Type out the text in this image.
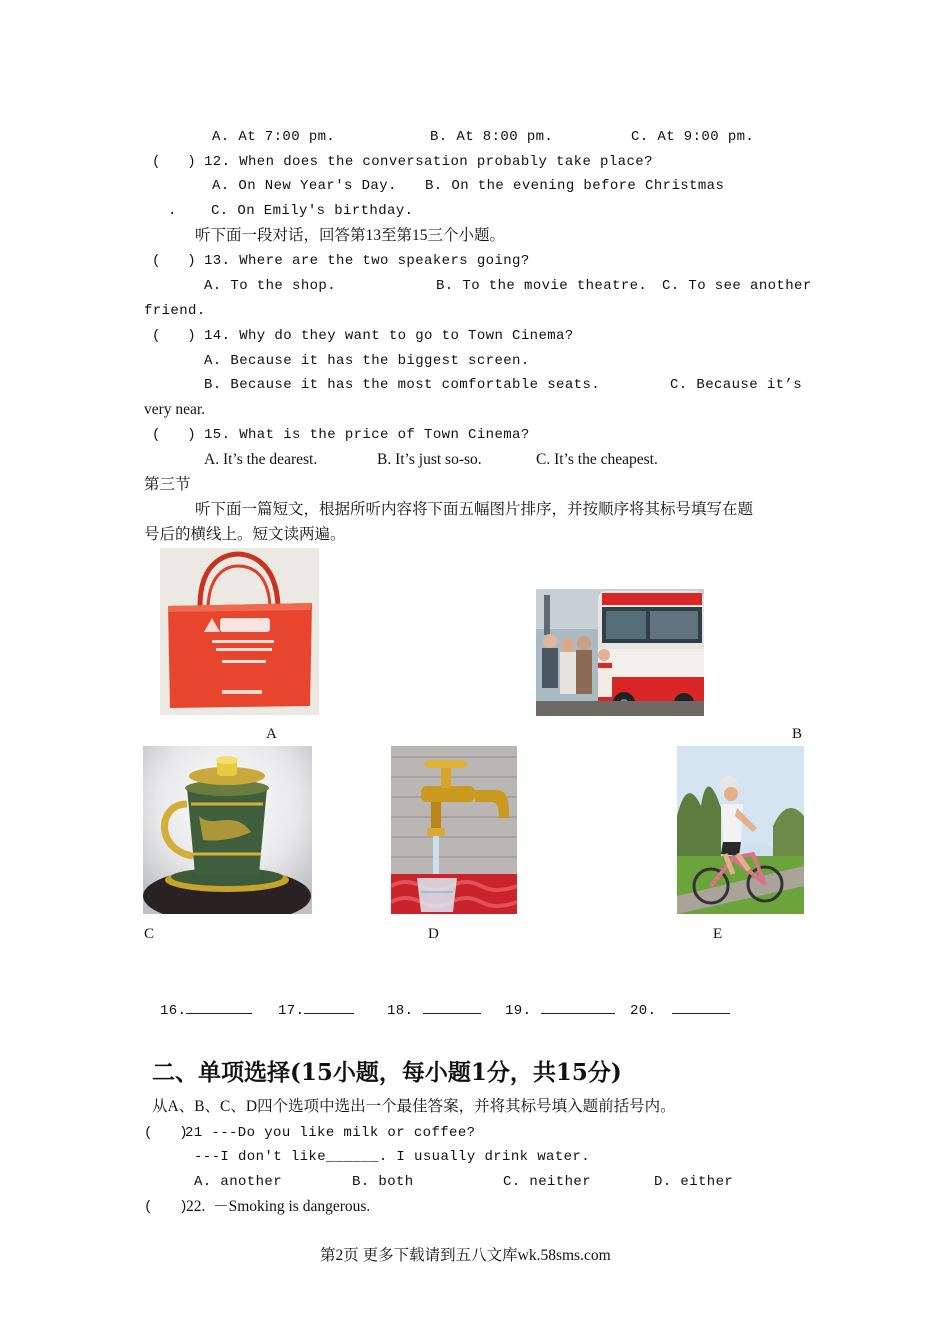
A. At 7:00 pm.	B. At 8:00 pm.	C. At 9:00 pm.
(   ) 12. When does the conversation probably take place?
A. On New Year's Day. B. On the evening before Christmas
. C. On Emily's birthday.
听下面一段对话，回答第13至第15三个小题。
(   ) 13. Where are the two speakers going?
A. To the shop.	B. To the movie theatre. C. To see another
friend.
(   ) 14. Why do they want to go to Town Cinema?
A. Because it has the biggest screen.
B. Because it has the most comfortable seats.	C. Because it’s
very near.
(   ) 15. What is the price of Town Cinema?
A. It’s the dearest.	B. It’s just so-so.	C. It’s the cheapest.
第三节
听下面一篇短文，根据所听内容将下面五幅图片排序，并按顺序将其标号填写在题
号后的横线上。短文读两遍。
A	B
C	D	E
16.	17.	18.	19.	20.
二、单项选择(15小题，每小题1分，共15分)
从A、B、C、D四个选项中选出一个最佳答案，并将其标号填入题前括号内。
(   )
21 ---Do you like milk or coffee?
---I don't like______. I usually drink water.
A. another	B. both	C. neither	D. either
(   )
22.  －Smoking is dangerous.
第2页 更多下载请到五八文库wk.58sms.com
